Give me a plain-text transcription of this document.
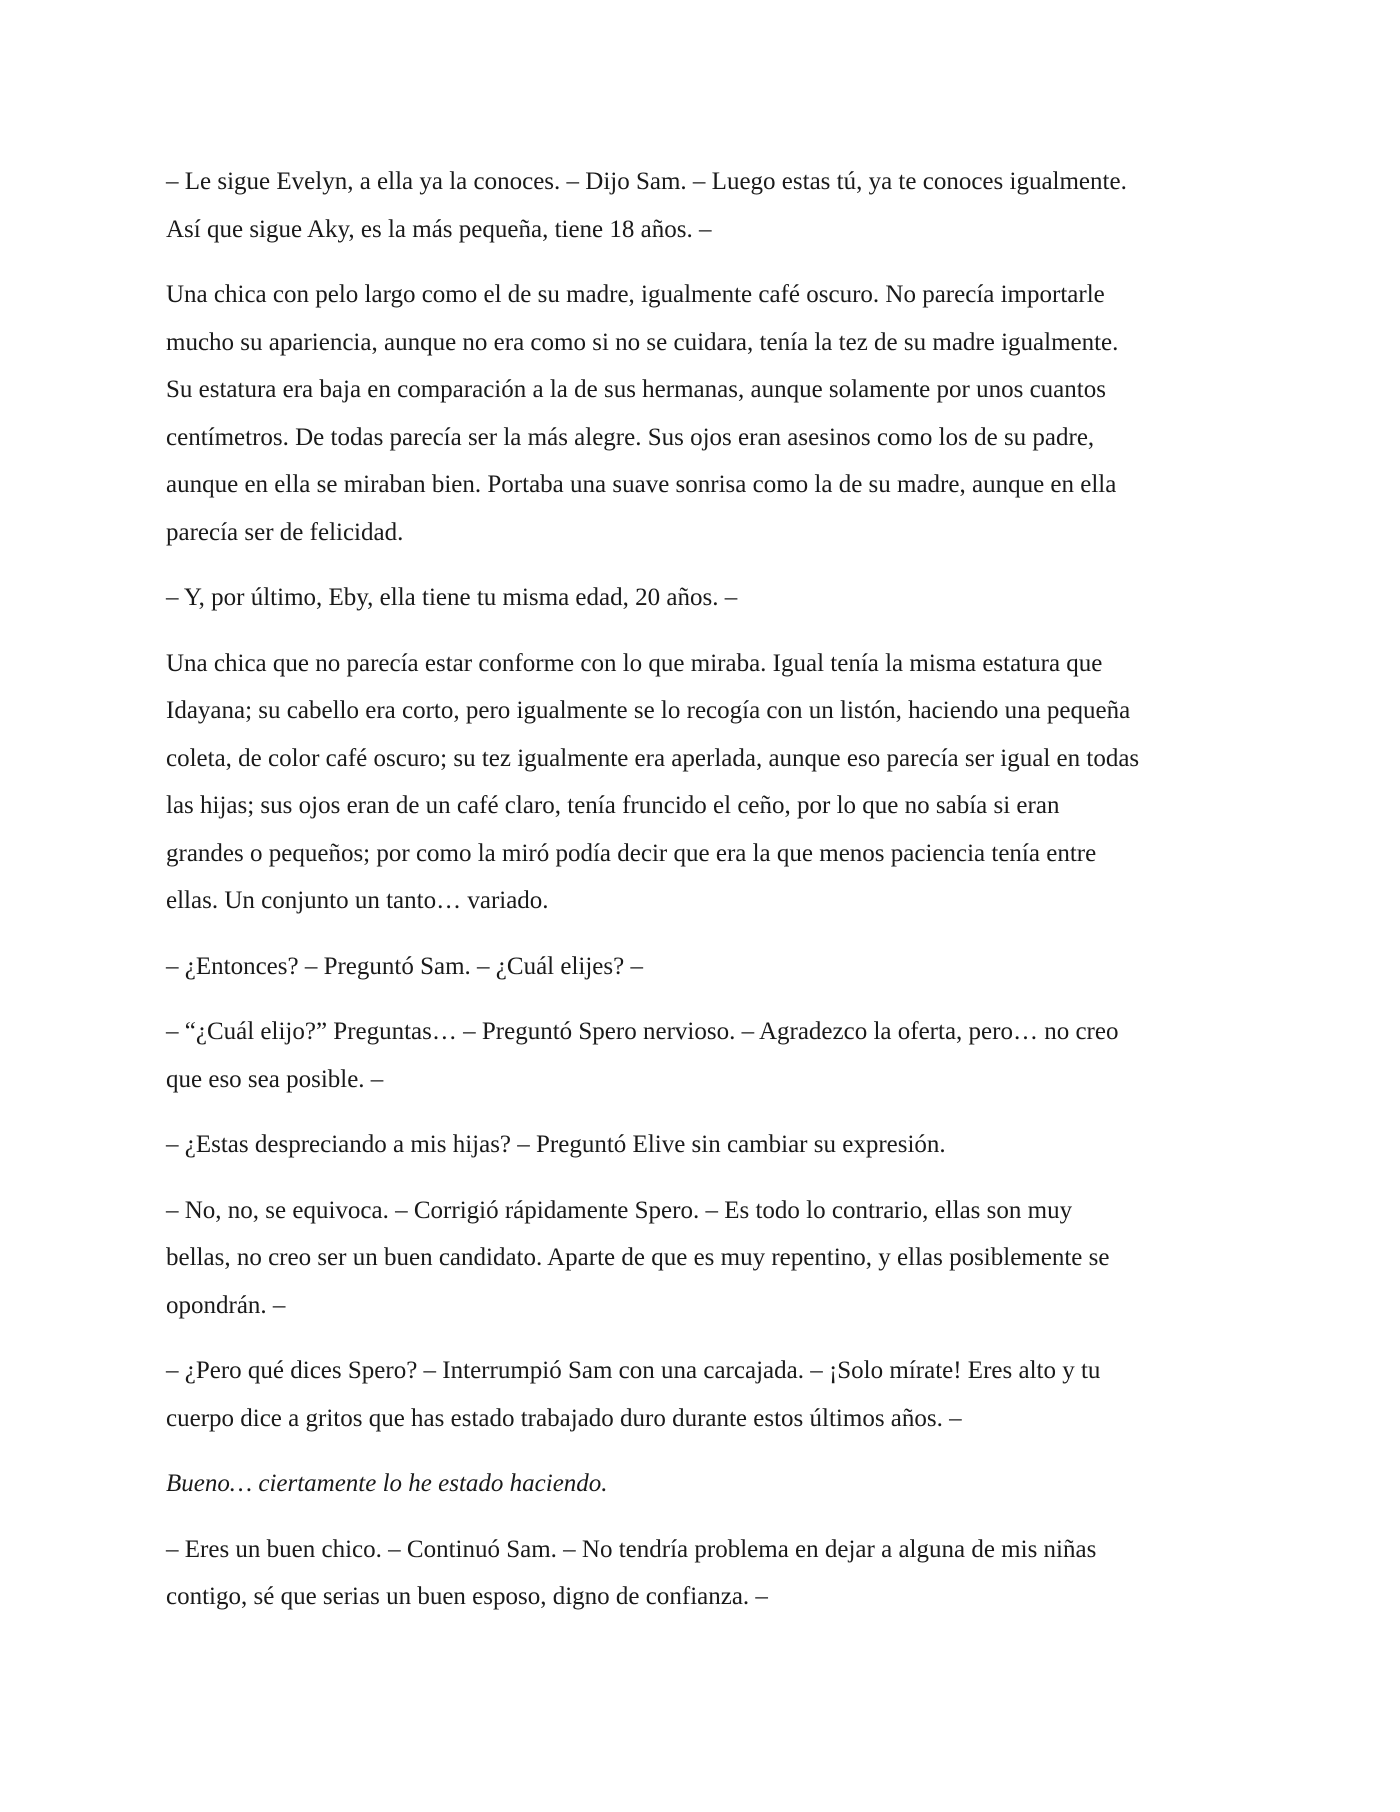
– Le sigue Evelyn, a ella ya la conoces. – Dijo Sam. – Luego estas tú, ya te conoces igualmente.
Así que sigue Aky, es la más pequeña, tiene 18 años. –
Una chica con pelo largo como el de su madre, igualmente café oscuro. No parecía importarle
mucho su apariencia, aunque no era como si no se cuidara, tenía la tez de su madre igualmente.
Su estatura era baja en comparación a la de sus hermanas, aunque solamente por unos cuantos
centímetros. De todas parecía ser la más alegre. Sus ojos eran asesinos como los de su padre,
aunque en ella se miraban bien. Portaba una suave sonrisa como la de su madre, aunque en ella
parecía ser de felicidad.
– Y, por último, Eby, ella tiene tu misma edad, 20 años. –
Una chica que no parecía estar conforme con lo que miraba. Igual tenía la misma estatura que
Idayana; su cabello era corto, pero igualmente se lo recogía con un listón, haciendo una pequeña
coleta, de color café oscuro; su tez igualmente era aperlada, aunque eso parecía ser igual en todas
las hijas; sus ojos eran de un café claro, tenía fruncido el ceño, por lo que no sabía si eran
grandes o pequeños; por como la miró podía decir que era la que menos paciencia tenía entre
ellas. Un conjunto un tanto… variado.
– ¿Entonces? – Preguntó Sam. – ¿Cuál elijes? –
– “¿Cuál elijo?” Preguntas… – Preguntó Spero nervioso. – Agradezco la oferta, pero… no creo
que eso sea posible. –
– ¿Estas despreciando a mis hijas? – Preguntó Elive sin cambiar su expresión.
– No, no, se equivoca. – Corrigió rápidamente Spero. – Es todo lo contrario, ellas son muy
bellas, no creo ser un buen candidato. Aparte de que es muy repentino, y ellas posiblemente se
opondrán. –
– ¿Pero qué dices Spero? – Interrumpió Sam con una carcajada. – ¡Solo mírate! Eres alto y tu
cuerpo dice a gritos que has estado trabajado duro durante estos últimos años. –
Bueno… ciertamente lo he estado haciendo.
– Eres un buen chico. – Continuó Sam. – No tendría problema en dejar a alguna de mis niñas
contigo, sé que serias un buen esposo, digno de confianza. –
